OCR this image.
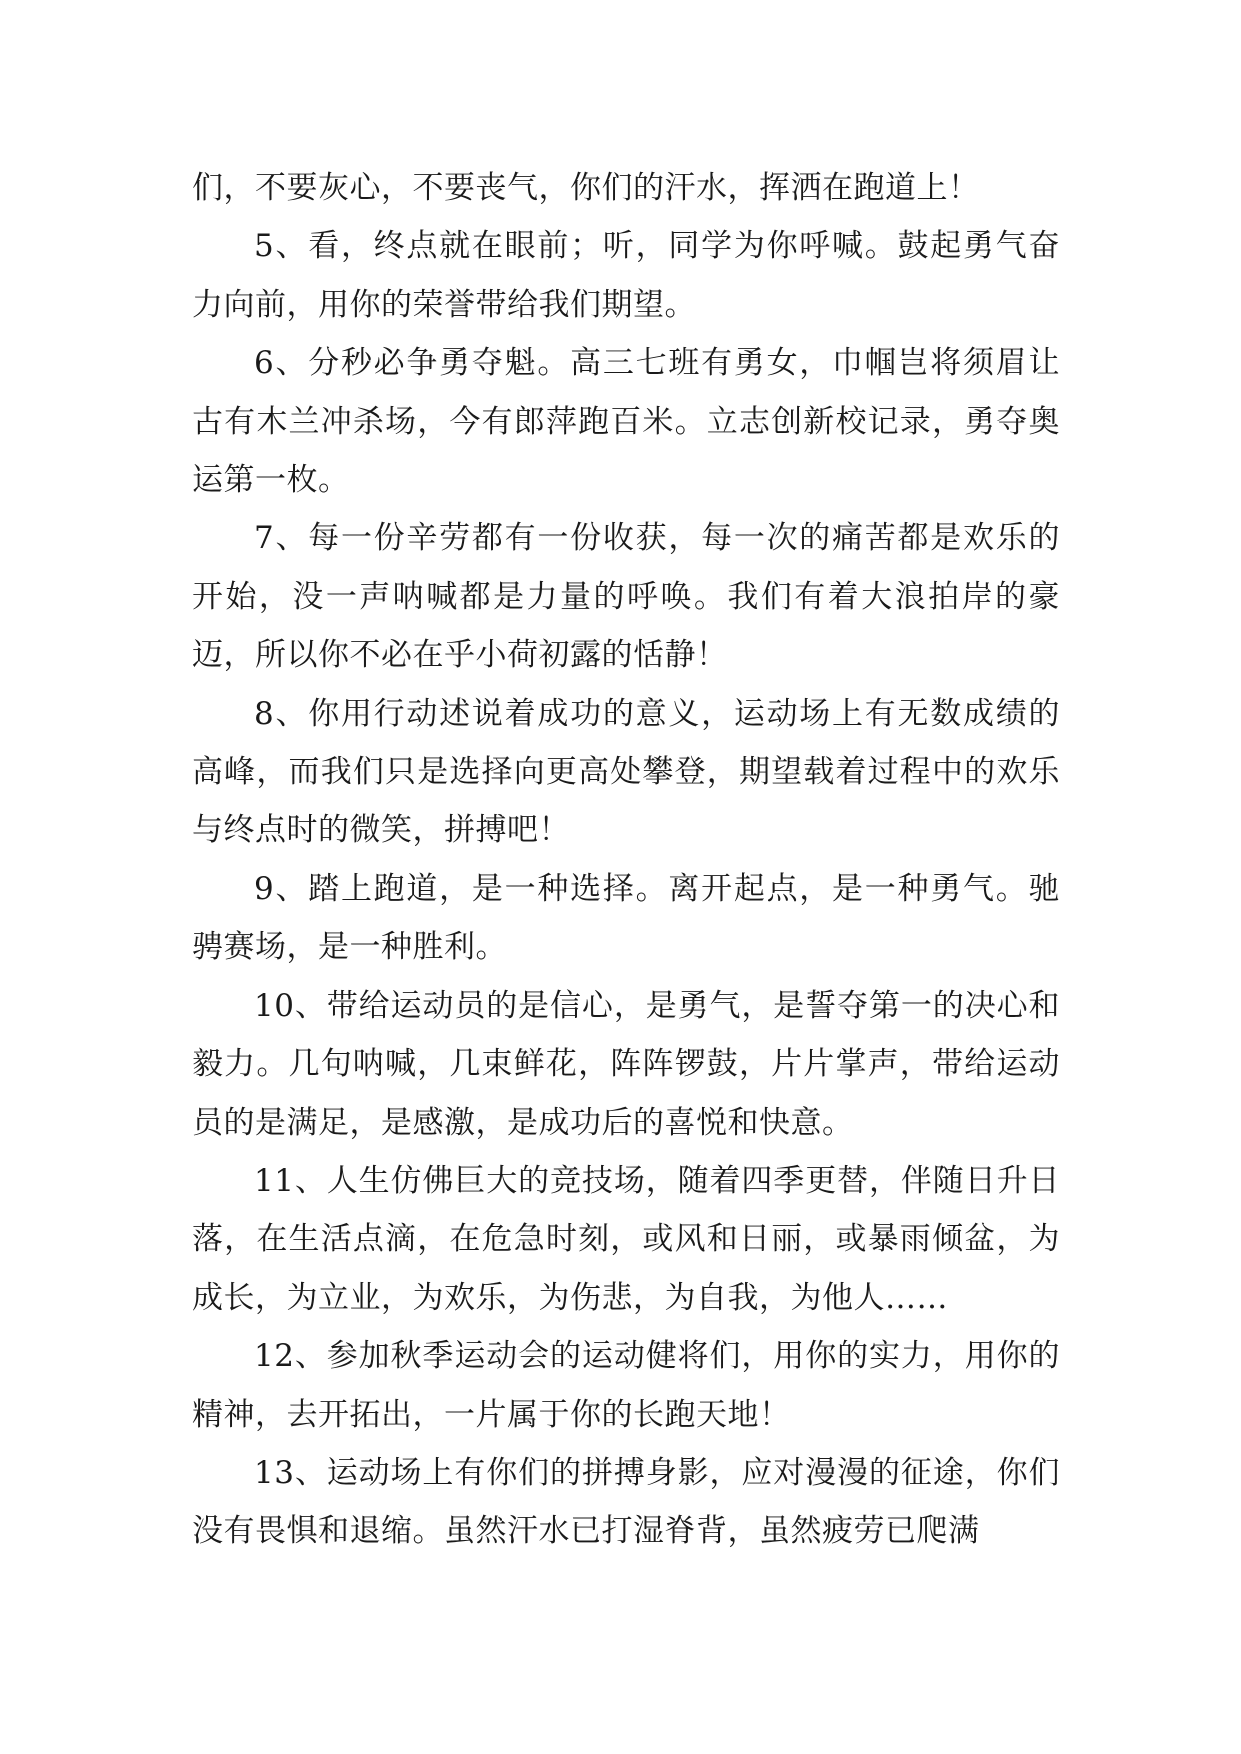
们，不要灰心，不要丧气，你们的汗水，挥洒在跑道上！

5、看，终点就在眼前；听，同学为你呼喊。鼓起勇气奋力向前，用你的荣誉带给我们期望。

6、分秒必争勇夺魁。高三七班有勇女，巾帼岂将须眉让古有木兰冲杀场，今有郎萍跑百米。立志创新校记录，勇夺奥运第一枚。

7、每一份辛劳都有一份收获，每一次的痛苦都是欢乐的开始，没一声呐喊都是力量的呼唤。我们有着大浪拍岸的豪迈，所以你不必在乎小荷初露的恬静！

8、你用行动述说着成功的意义，运动场上有无数成绩的高峰，而我们只是选择向更高处攀登，期望载着过程中的欢乐与终点时的微笑，拼搏吧！

9、踏上跑道，是一种选择。离开起点，是一种勇气。驰骋赛场，是一种胜利。

10、带给运动员的是信心，是勇气，是誓夺第一的决心和毅力。几句呐喊，几束鲜花，阵阵锣鼓，片片掌声，带给运动员的是满足，是感激，是成功后的喜悦和快意。

11、人生仿佛巨大的竞技场，随着四季更替，伴随日升日落，在生活点滴，在危急时刻，或风和日丽，或暴雨倾盆，为成长，为立业，为欢乐，为伤悲，为自我，为他人……

12、参加秋季运动会的运动健将们，用你的实力，用你的精神，去开拓出，一片属于你的长跑天地！

13、运动场上有你们的拼搏身影，应对漫漫的征途，你们没有畏惧和退缩。虽然汗水已打湿脊背，虽然疲劳已爬满
